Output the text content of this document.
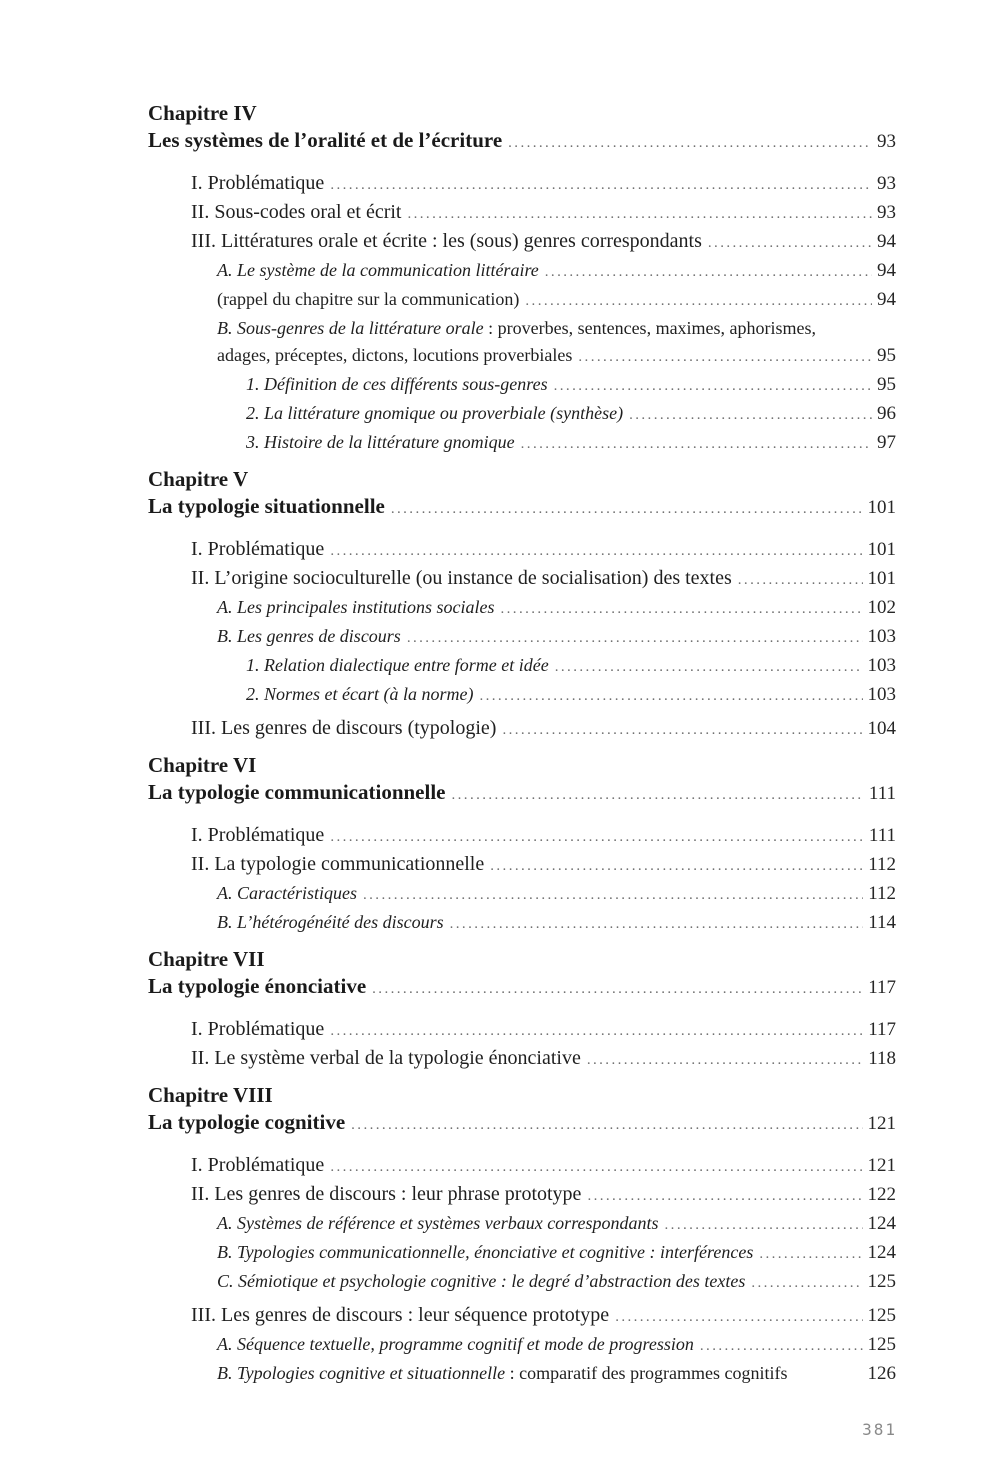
Chapitre IV
Les systèmes de l’oralité et de l’écriture .....	93
I. Problématique .....	93
II. Sous-codes oral et écrit .....	93
III. Littératures orale et écrite : les (sous) genres correspondants .....	94
A. Le système de la communication littéraire .....	94
(rappel du chapitre sur la communication) .....	94
B. Sous-genres de la littérature orale : proverbes, sentences, maximes, aphorismes,
adages, préceptes, dictons, locutions proverbiales .....	95
1. Définition de ces différents sous-genres .....	95
2. La littérature gnomique ou proverbiale (synthèse) .....	96
3. Histoire de la littérature gnomique .....	97
Chapitre V
La typologie situationnelle .....	101
I. Problématique .....	101
II. L’origine socioculturelle (ou instance de socialisation) des textes .....	101
A. Les principales institutions sociales .....	102
B. Les genres de discours .....	103
1. Relation dialectique entre forme et idée .....	103
2. Normes et écart (à la norme) .....	103
III. Les genres de discours (typologie) .....	104
Chapitre VI
La typologie communicationnelle .....	111
I. Problématique .....	111
II. La typologie communicationnelle .....	112
A. Caractéristiques .....	112
B. L’hétérogénéité des discours .....	114
Chapitre VII
La typologie énonciative .....	117
I. Problématique .....	117
II. Le système verbal de la typologie énonciative .....	118
Chapitre VIII
La typologie cognitive .....	121
I. Problématique .....	121
II. Les genres de discours : leur phrase prototype .....	122
A. Systèmes de référence et systèmes verbaux correspondants .....	124
B. Typologies communicationnelle, énonciative et cognitive : interférences .....	124
C. Sémiotique et psychologie cognitive : le degré d’abstraction des textes .....	125
III. Les genres de discours : leur séquence prototype .....	125
A. Séquence textuelle, programme cognitif et mode de progression .....	125
B. Typologies cognitive et situationnelle : comparatif des programmes cognitifs	126
381
